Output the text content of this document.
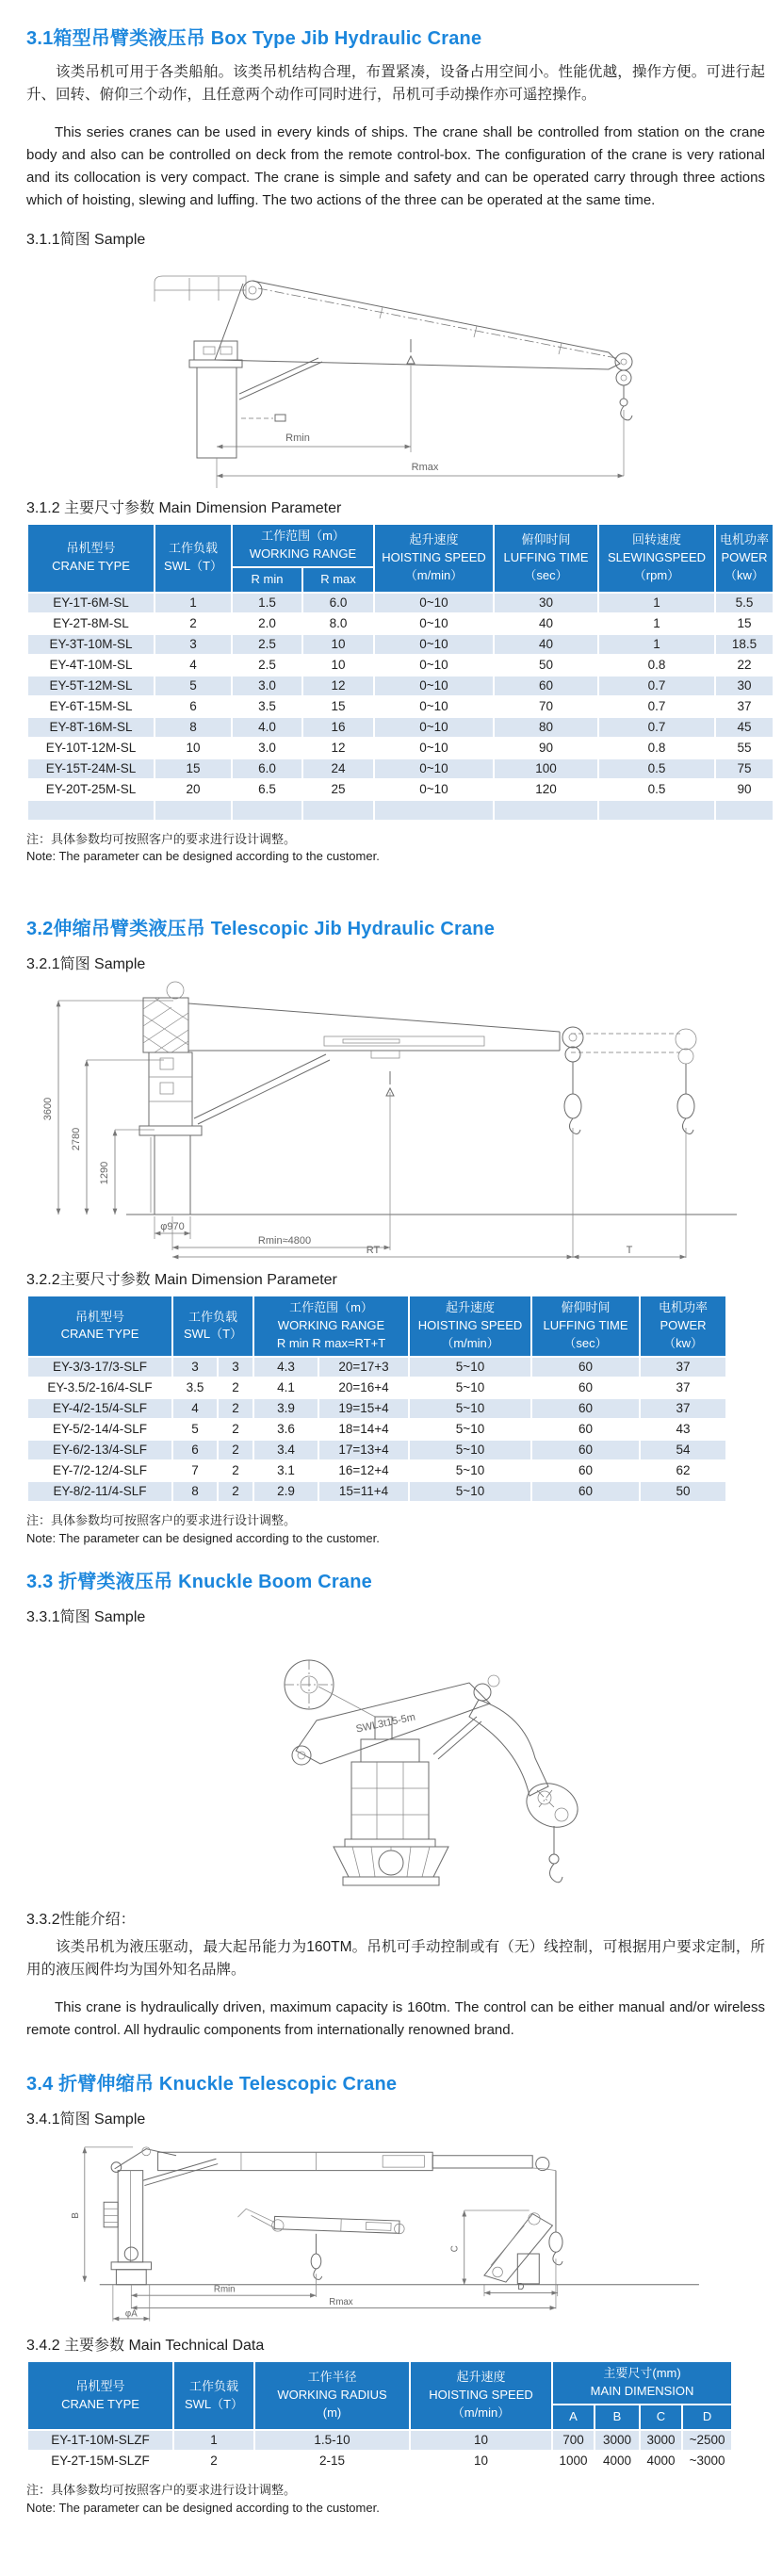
3.1箱型吊臂类液压吊 Box Type Jib Hydraulic Crane

该类吊机可用于各类船舶。该类吊机结构合理，布置紧凑，设备占用空间小。性能优越，操作方便。可进行起升、回转、俯仰三个动作，且任意两个动作可同时进行，吊机可手动操作亦可遥控操作。

This series cranes can be used in every kinds of ships. The crane shall be controlled from station on the crane body and also can be controlled on deck from the remote control-box. The configuration of the crane is very rational and its collocation is very compact. The crane is simple and safety and can be operated carry through three actions which of hoisting, slewing and luffing. The two actions of the three can be operated at the same time.

3.1.1简图 Sample
Rmin
Rmax
3.1.2 主要尺寸参数 Main Dimension Parameter
吊机型号
CRANE TYPE	工作负载
SWL（T）	工作范围（m）
WORKING RANGE		起升速度
HOISTING SPEED
（m/min）	俯仰时间
LUFFING TIME
（sec）	回转速度
SLEWINGSPEED
（rpm）	电机功率
POWER
（kw）

		R min	R max				
EY-1T-6M-SL	1	1.5	6.0	0~10	30	1	5.5
EY-2T-8M-SL	2	2.0	8.0	0~10	40	1	15
EY-3T-10M-SL	3	2.5	10	0~10	40	1	18.5
EY-4T-10M-SL	4	2.5	10	0~10	50	0.8	22
EY-5T-12M-SL	5	3.0	12	0~10	60	0.7	30
EY-6T-15M-SL	6	3.5	15	0~10	70	0.7	37
EY-8T-16M-SL	8	4.0	16	0~10	80	0.7	45
EY-10T-12M-SL	10	3.0	12	0~10	90	0.8	55
EY-15T-24M-SL	15	6.0	24	0~10	100	0.5	75
EY-20T-25M-SL	20	6.5	25	0~10	120	0.5	90

注：具体参数均可按照客户的要求进行设计调整。
Note: The parameter can be designed according to the customer.
3.2伸缩吊臂类液压吊 Telescopic Jib Hydraulic Crane
3.2.1简图 Sample
3600
2780
1290
φ970
Rmin≈4800
RT	T
3.2.2主要尺寸参数 Main Dimension Parameter
吊机型号
CRANE TYPE	工作负载
SWL（T）		工作范围（m）
WORKING RANGE
R min R max=RT+T		起升速度
HOISTING SPEED
（m/min）	俯仰时间
LUFFING TIME
（sec）	电机功率
POWER
（kw）

EY-3/3-17/3-SLF	3	3	4.3	20=17+3	5~10	60	37
EY-3.5/2-16/4-SLF	3.5	2	4.1	20=16+4	5~10	60	37
EY-4/2-15/4-SLF	4	2	3.9	19=15+4	5~10	60	37
EY-5/2-14/4-SLF	5	2	3.6	18=14+4	5~10	60	43
EY-6/2-13/4-SLF	6	2	3.4	17=13+4	5~10	60	54
EY-7/2-12/4-SLF	7	2	3.1	16=12+4	5~10	60	62
EY-8/2-11/4-SLF	8	2	2.9	15=11+4	5~10	60	50
注：具体参数均可按照客户的要求进行设计调整。
Note: The parameter can be designed according to the customer.
3.3 折臂类液压吊 Knuckle Boom Crane
3.3.1简图 Sample
SWL3t15-5m
3.3.2性能介绍：

该类吊机为液压驱动，最大起吊能力为160TM。吊机可手动控制或有（无）线控制，可根据用户要求定制，所用的液压阀件均为国外知名品牌。

This crane is hydraulically driven, maximum capacity is 160tm. The control can be either manual and/or wireless remote control. All hydraulic components from internationally renowned brand.

3.4 折臂伸缩吊 Knuckle Telescopic Crane
3.4.1简图 Sample
B
C
D
Rmin
Rmax
φA
3.4.2 主要参数 Main Technical Data
吊机型号
CRANE TYPE	工作负载
SWL（T）	工作半径
WORKING RADIUS
(m)	起升速度
HOISTING SPEED
（m/min）	主要尺寸(mm)
MAIN DIMENSION			

				A	B	C	D
EY-1T-10M-SLZF	1	1.5-10	10	700	3000	3000	~2500
EY-2T-15M-SLZF	2	2-15	10	1000	4000	4000	~3000
注：具体参数均可按照客户的要求进行设计调整。
Note: The parameter can be designed according to the customer.
